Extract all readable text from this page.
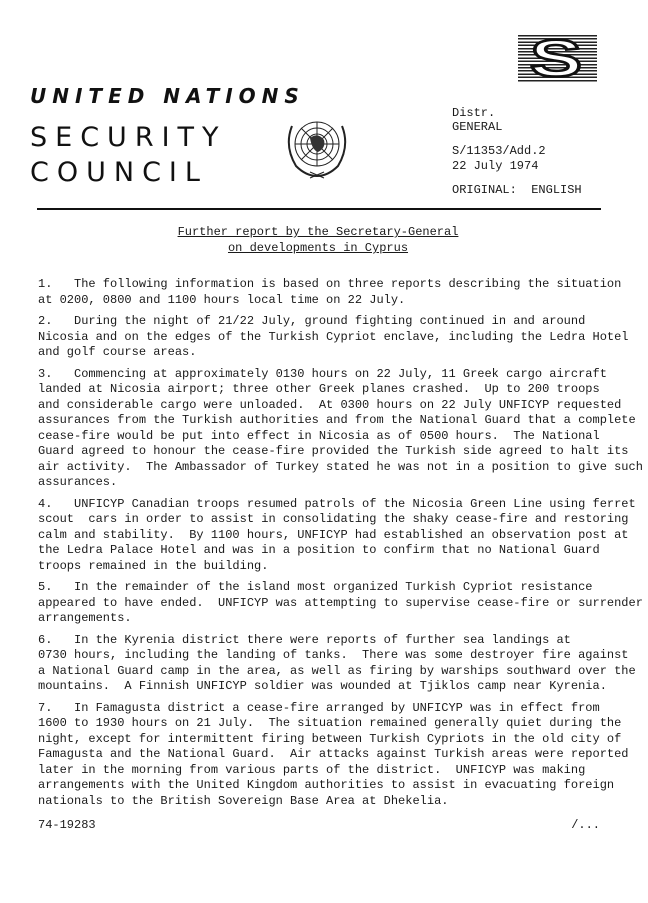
S
UNITED NATIONS
SECURITY
COUNCIL
Distr.
GENERAL
S/11353/Add.2
22 July 1974
ORIGINAL:  ENGLISH
Further report by the Secretary-General
on developments in Cyprus
1.   The following information is based on three reports describing the situation
at 0200, 0800 and 1100 hours local time on 22 July.
2.   During the night of 21/22 July, ground fighting continued in and around
Nicosia and on the edges of the Turkish Cypriot enclave, including the Ledra Hotel
and golf course areas.
3.   Commencing at approximately 0130 hours on 22 July, 11 Greek cargo aircraft
landed at Nicosia airport; three other Greek planes crashed.  Up to 200 troops
and considerable cargo were unloaded.  At 0300 hours on 22 July UNFICYP requested
assurances from the Turkish authorities and from the National Guard that a complete
cease-fire would be put into effect in Nicosia as of 0500 hours.  The National
Guard agreed to honour the cease-fire provided the Turkish side agreed to halt its
air activity.  The Ambassador of Turkey stated he was not in a position to give such
assurances.
4.   UNFICYP Canadian troops resumed patrols of the Nicosia Green Line using ferret
scout  cars in order to assist in consolidating the shaky cease-fire and restoring
calm and stability.  By 1100 hours, UNFICYP had established an observation post at
the Ledra Palace Hotel and was in a position to confirm that no National Guard
troops remained in the building.
5.   In the remainder of the island most organized Turkish Cypriot resistance
appeared to have ended.  UNFICYP was attempting to supervise cease-fire or surrender
arrangements.
6.   In the Kyrenia district there were reports of further sea landings at
0730 hours, including the landing of tanks.  There was some destroyer fire against
a National Guard camp in the area, as well as firing by warships southward over the
mountains.  A Finnish UNFICYP soldier was wounded at Tjiklos camp near Kyrenia.
7.   In Famagusta district a cease-fire arranged by UNFICYP was in effect from
1600 to 1930 hours on 21 July.  The situation remained generally quiet during the
night, except for intermittent firing between Turkish Cypriots in the old city of
Famagusta and the National Guard.  Air attacks against Turkish areas were reported
later in the morning from various parts of the district.  UNFICYP was making
arrangements with the United Kingdom authorities to assist in evacuating foreign
nationals to the British Sovereign Base Area at Dhekelia.
74-19283	/...
